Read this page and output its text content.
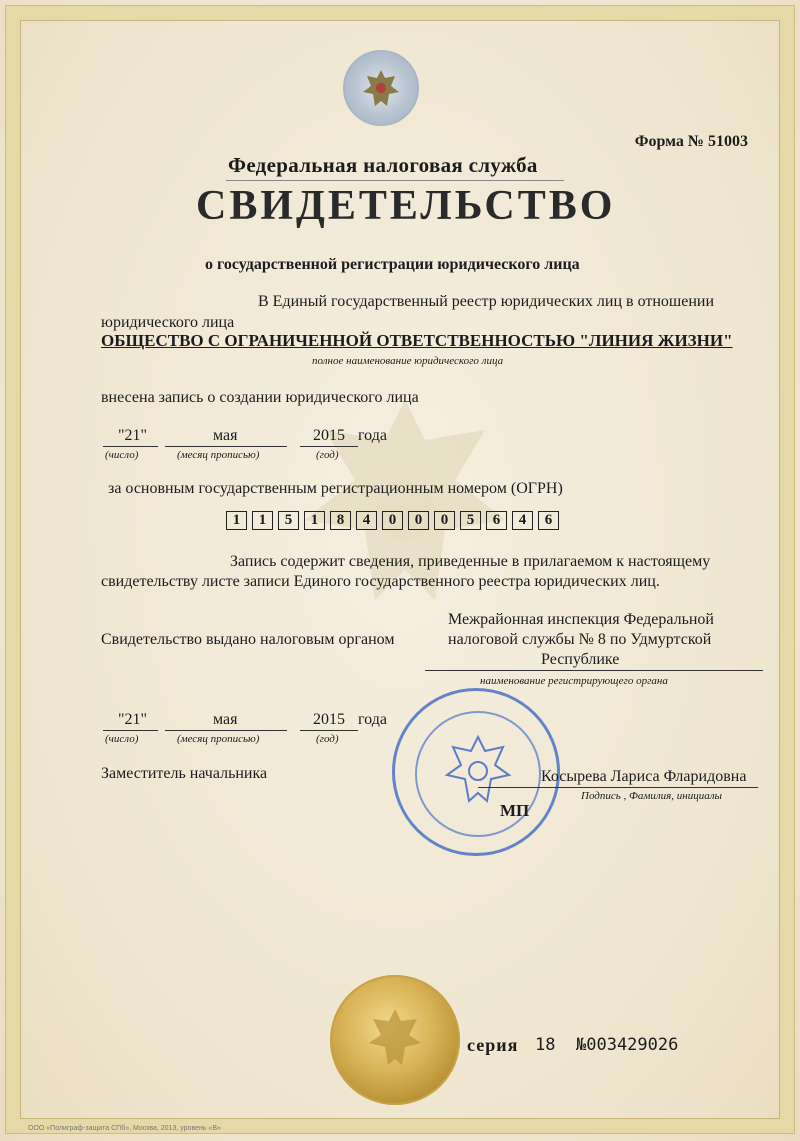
Форма № 51003
Федеральная налоговая служба
СВИДЕТЕЛЬСТВО
о государственной регистрации юридического лица
В Единый государственный реестр юридических лиц в отношении
юридического лица
ОБЩЕСТВО С ОГРАНИЧЕННОЙ ОТВЕТСТВЕННОСТЬЮ "ЛИНИЯ ЖИЗНИ"
полное наименование юридического лица
внесена запись о создании юридического лица
"21"	мая	2015 года
(число)	(месяц прописью)	(год)
за основным государственным регистрационным номером (ОГРН)
1	1	5	1	8	4	0	0	0	5	6	4	6
Запись содержит сведения, приведенные в прилагаемом к настоящему
свидетельству листе записи Единого государственного реестра юридических лиц.
Свидетельство выдано налоговым органом
Межрайонная инспекция Федеральной
налоговой службы № 8 по Удмуртской
Республике
наименование регистрирующего органа
"21"	мая	2015 года
(число)	(месяц прописью)	(год)
Заместитель начальника	Косырева Лариса Фларидовна
Подпись , Фамилия, инициалы
МП
серия 18 №003429026
ООО «Полиграф-защита СПб», Москва, 2013, уровень «В»
